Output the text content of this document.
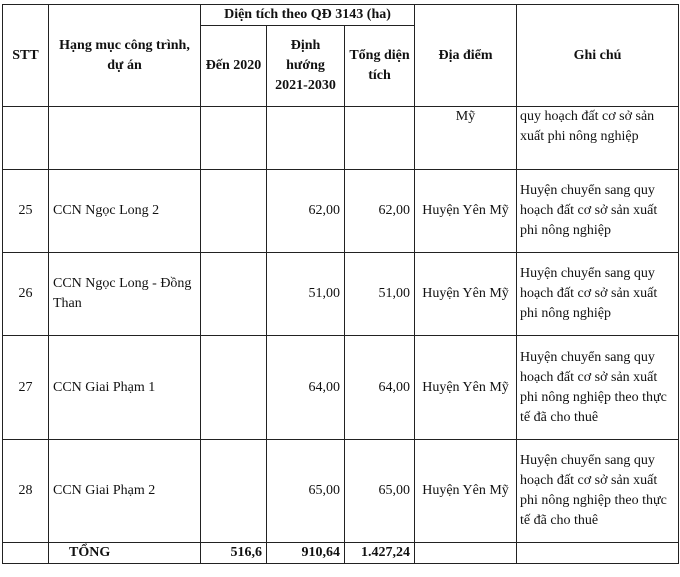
STT	Hạng mục công trình, dự án	Diện tích theo QĐ 3143 (ha)			Địa điểm	Ghi chú
		Đến 2020	Định hướng 2021-2030	Tổng diện tích		
					Mỹ	quy hoạch đất cơ sở sản xuất phi nông nghiệp
25	CCN Ngọc Long 2		62,00	62,00	Huyện Yên Mỹ	Huyện chuyển sang quy hoạch đất cơ sở sản xuất phi nông nghiệp
26	CCN Ngọc Long - Đồng Than		51,00	51,00	Huyện Yên Mỹ	Huyện chuyển sang quy hoạch đất cơ sở sản xuất phi nông nghiệp
27	CCN Giai Phạm 1		64,00	64,00	Huyện Yên Mỹ	Huyện chuyển sang quy hoạch đất cơ sở sản xuất phi nông nghiệp theo thực tế đã cho thuê
28	CCN Giai Phạm 2		65,00	65,00	Huyện Yên Mỹ	Huyện chuyển sang quy hoạch đất cơ sở sản xuất phi nông nghiệp theo thực tế đã cho thuê
	TỔNG	516,6	910,64	1.427,24		
